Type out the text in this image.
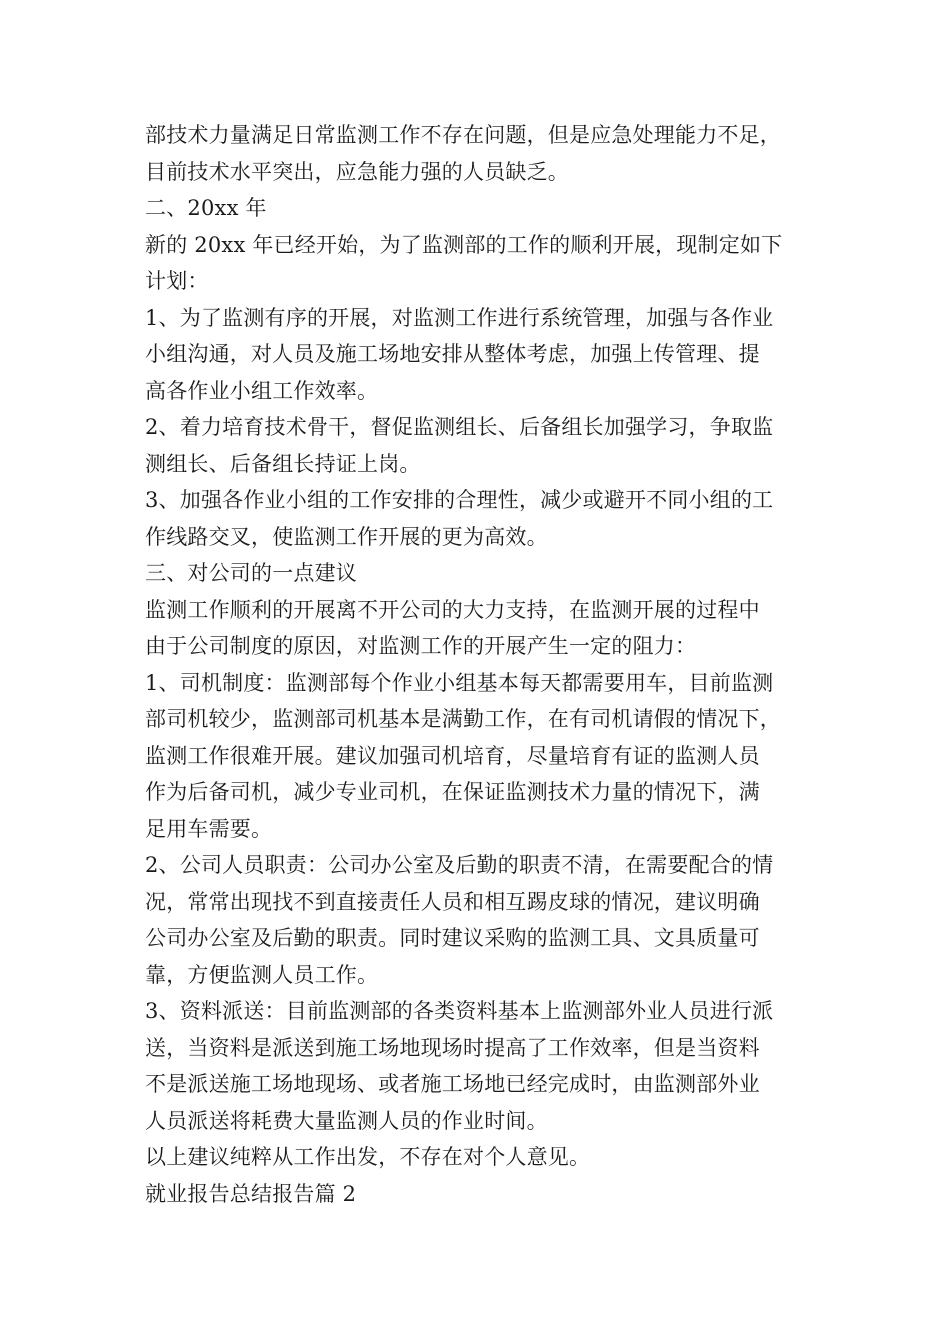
部技术力量满足日常监测工作不存在问题，但是应急处理能力不足，
目前技术水平突出，应急能力强的人员缺乏。
二、20xx 年
新的 20xx 年已经开始，为了监测部的工作的顺利开展，现制定如下
计划：
1、为了监测有序的开展，对监测工作进行系统管理，加强与各作业
小组沟通，对人员及施工场地安排从整体考虑，加强上传管理、提
高各作业小组工作效率。
2、着力培育技术骨干，督促监测组长、后备组长加强学习，争取监
测组长、后备组长持证上岗。
3、加强各作业小组的工作安排的合理性，减少或避开不同小组的工
作线路交叉，使监测工作开展的更为高效。
三、对公司的一点建议
监测工作顺利的开展离不开公司的大力支持，在监测开展的过程中
由于公司制度的原因，对监测工作的开展产生一定的阻力：
1、司机制度：监测部每个作业小组基本每天都需要用车，目前监测
部司机较少，监测部司机基本是满勤工作，在有司机请假的情况下，
监测工作很难开展。建议加强司机培育，尽量培育有证的监测人员
作为后备司机，减少专业司机，在保证监测技术力量的情况下，满
足用车需要。
2、公司人员职责：公司办公室及后勤的职责不清，在需要配合的情
况，常常出现找不到直接责任人员和相互踢皮球的情况，建议明确
公司办公室及后勤的职责。同时建议采购的监测工具、文具质量可
靠，方便监测人员工作。
3、资料派送：目前监测部的各类资料基本上监测部外业人员进行派
送，当资料是派送到施工场地现场时提高了工作效率，但是当资料
不是派送施工场地现场、或者施工场地已经完成时，由监测部外业
人员派送将耗费大量监测人员的作业时间。
以上建议纯粹从工作出发，不存在对个人意见。
就业报告总结报告篇 2
